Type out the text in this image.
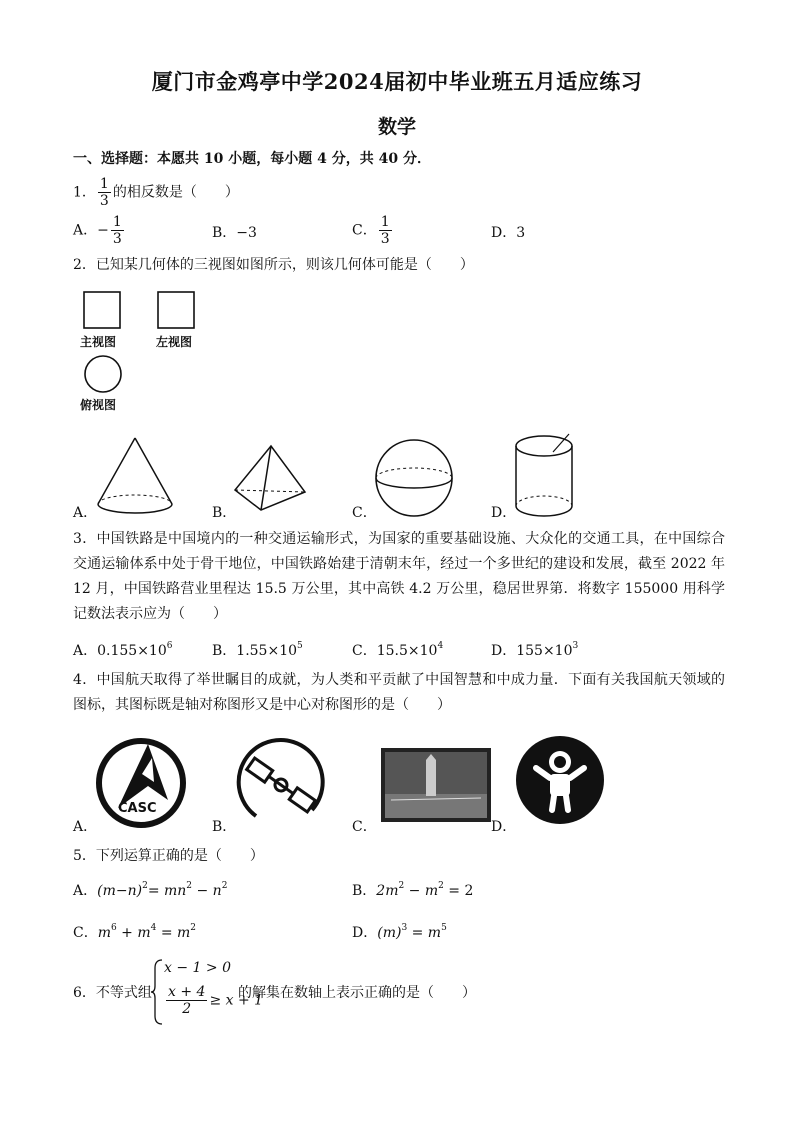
厦门市金鸡亭中学2024届初中毕业班五月适应练习
数学
一、选择题：本愿共 10 小题，每小题 4 分，共 40 分．
1． $\frac{1}{3}$ 的相反数是（　　）
A．− $\frac{1}{3}$	B．−3	C． $\frac{1}{3}$	D．3
2．已知某几何体的三视图如图所示，则该几何体可能是（　　）
主视图	左视图
俯视图
A．	B．	C．	D．
3．中国铁路是中国境内的一种交通运输形式，为国家的重要基础设施、大众化的交通工具，在中国综合交通运输体系中处于骨干地位，中国铁路始建于清朝末年，经过一个多世纪的建设和发展，截至 2022 年 12 月，中国铁路营业里程达 15.5 万公里，其中高铁 4.2 万公里，稳居世界第．将数字 155000 用科学记数法表示应为（　　）
A．$0.155\times 10^6$	B．$1.55\times 10^5$	C．$15.5\times 10^4$	D．$155\times 10^3$
4．中国航天取得了举世瞩目的成就，为人类和平贡献了中国智慧和中成力量．下面有关我国航天领域的图标，其图标既是轴对称图形又是中心对称图形的是（　　）
A．
CASC
B．	C．	D．
5．下列运算正确的是（　　）
A．$(m-n)^2= mn^2 - n^2$	B．$2m^2 - m^2 = 2$
C．$m^6 + m^4 = m^2$	D．$(m)^3 = m^5$
6．不等式组
x − 1 > 0
$\frac{x + 4}{2} \ge x + 1$
的解集在数轴上表示正确的是（　　）
